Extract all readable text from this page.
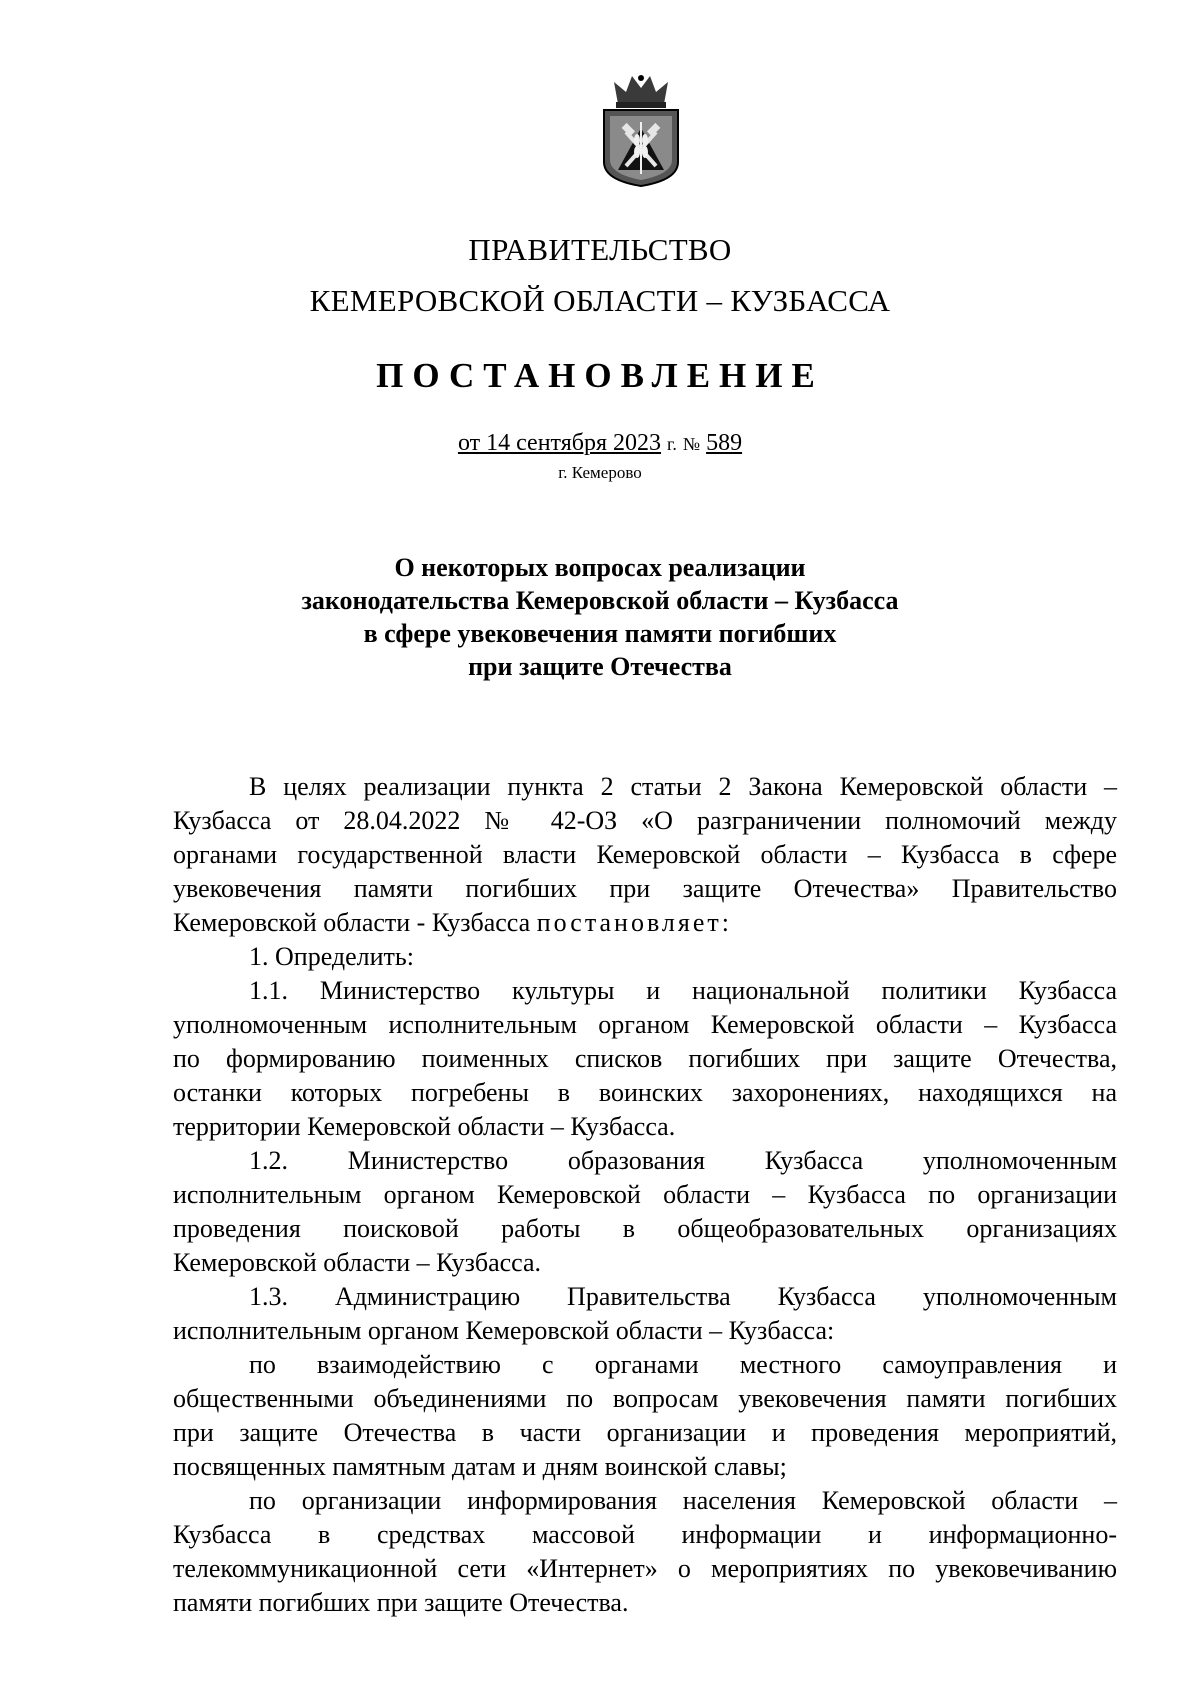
ПРАВИТЕЛЬСТВО
КЕМЕРОВСКОЙ ОБЛАСТИ – КУЗБАССА
ПОСТАНОВЛЕНИЕ
от 14 сентября 2023 г. № 589
г. Кемерово
О некоторых вопросах реализации
законодательства Кемеровской области – Кузбасса
в сфере увековечения памяти погибших
при защите Отечества
В целях реализации пункта 2 статьи 2 Закона Кемеровской области –
Кузбасса от 28.04.2022 № 42-ОЗ «О разграничении полномочий между
органами государственной власти Кемеровской области – Кузбасса в сфере
увековечения памяти погибших при защите Отечества» Правительство
Кемеровской области - Кузбасса постановляет:
1. Определить:
1.1. Министерство культуры и национальной политики Кузбасса
уполномоченным исполнительным органом Кемеровской области – Кузбасса
по формированию поименных списков погибших при защите Отечества,
останки которых погребены в воинских захоронениях, находящихся на
территории Кемеровской области – Кузбасса.
1.2. Министерство образования Кузбасса уполномоченным
исполнительным органом Кемеровской области – Кузбасса по организации
проведения поисковой работы в общеобразовательных организациях
Кемеровской области – Кузбасса.
1.3. Администрацию Правительства Кузбасса уполномоченным
исполнительным органом Кемеровской области – Кузбасса:
по взаимодействию с органами местного самоуправления и
общественными объединениями по вопросам увековечения памяти погибших
при защите Отечества в части организации и проведения мероприятий,
посвященных памятным датам и дням воинской славы;
по организации информирования населения Кемеровской области –
Кузбасса в средствах массовой информации и информационно-
телекоммуникационной сети «Интернет» о мероприятиях по увековечиванию
памяти погибших при защите Отечества.
